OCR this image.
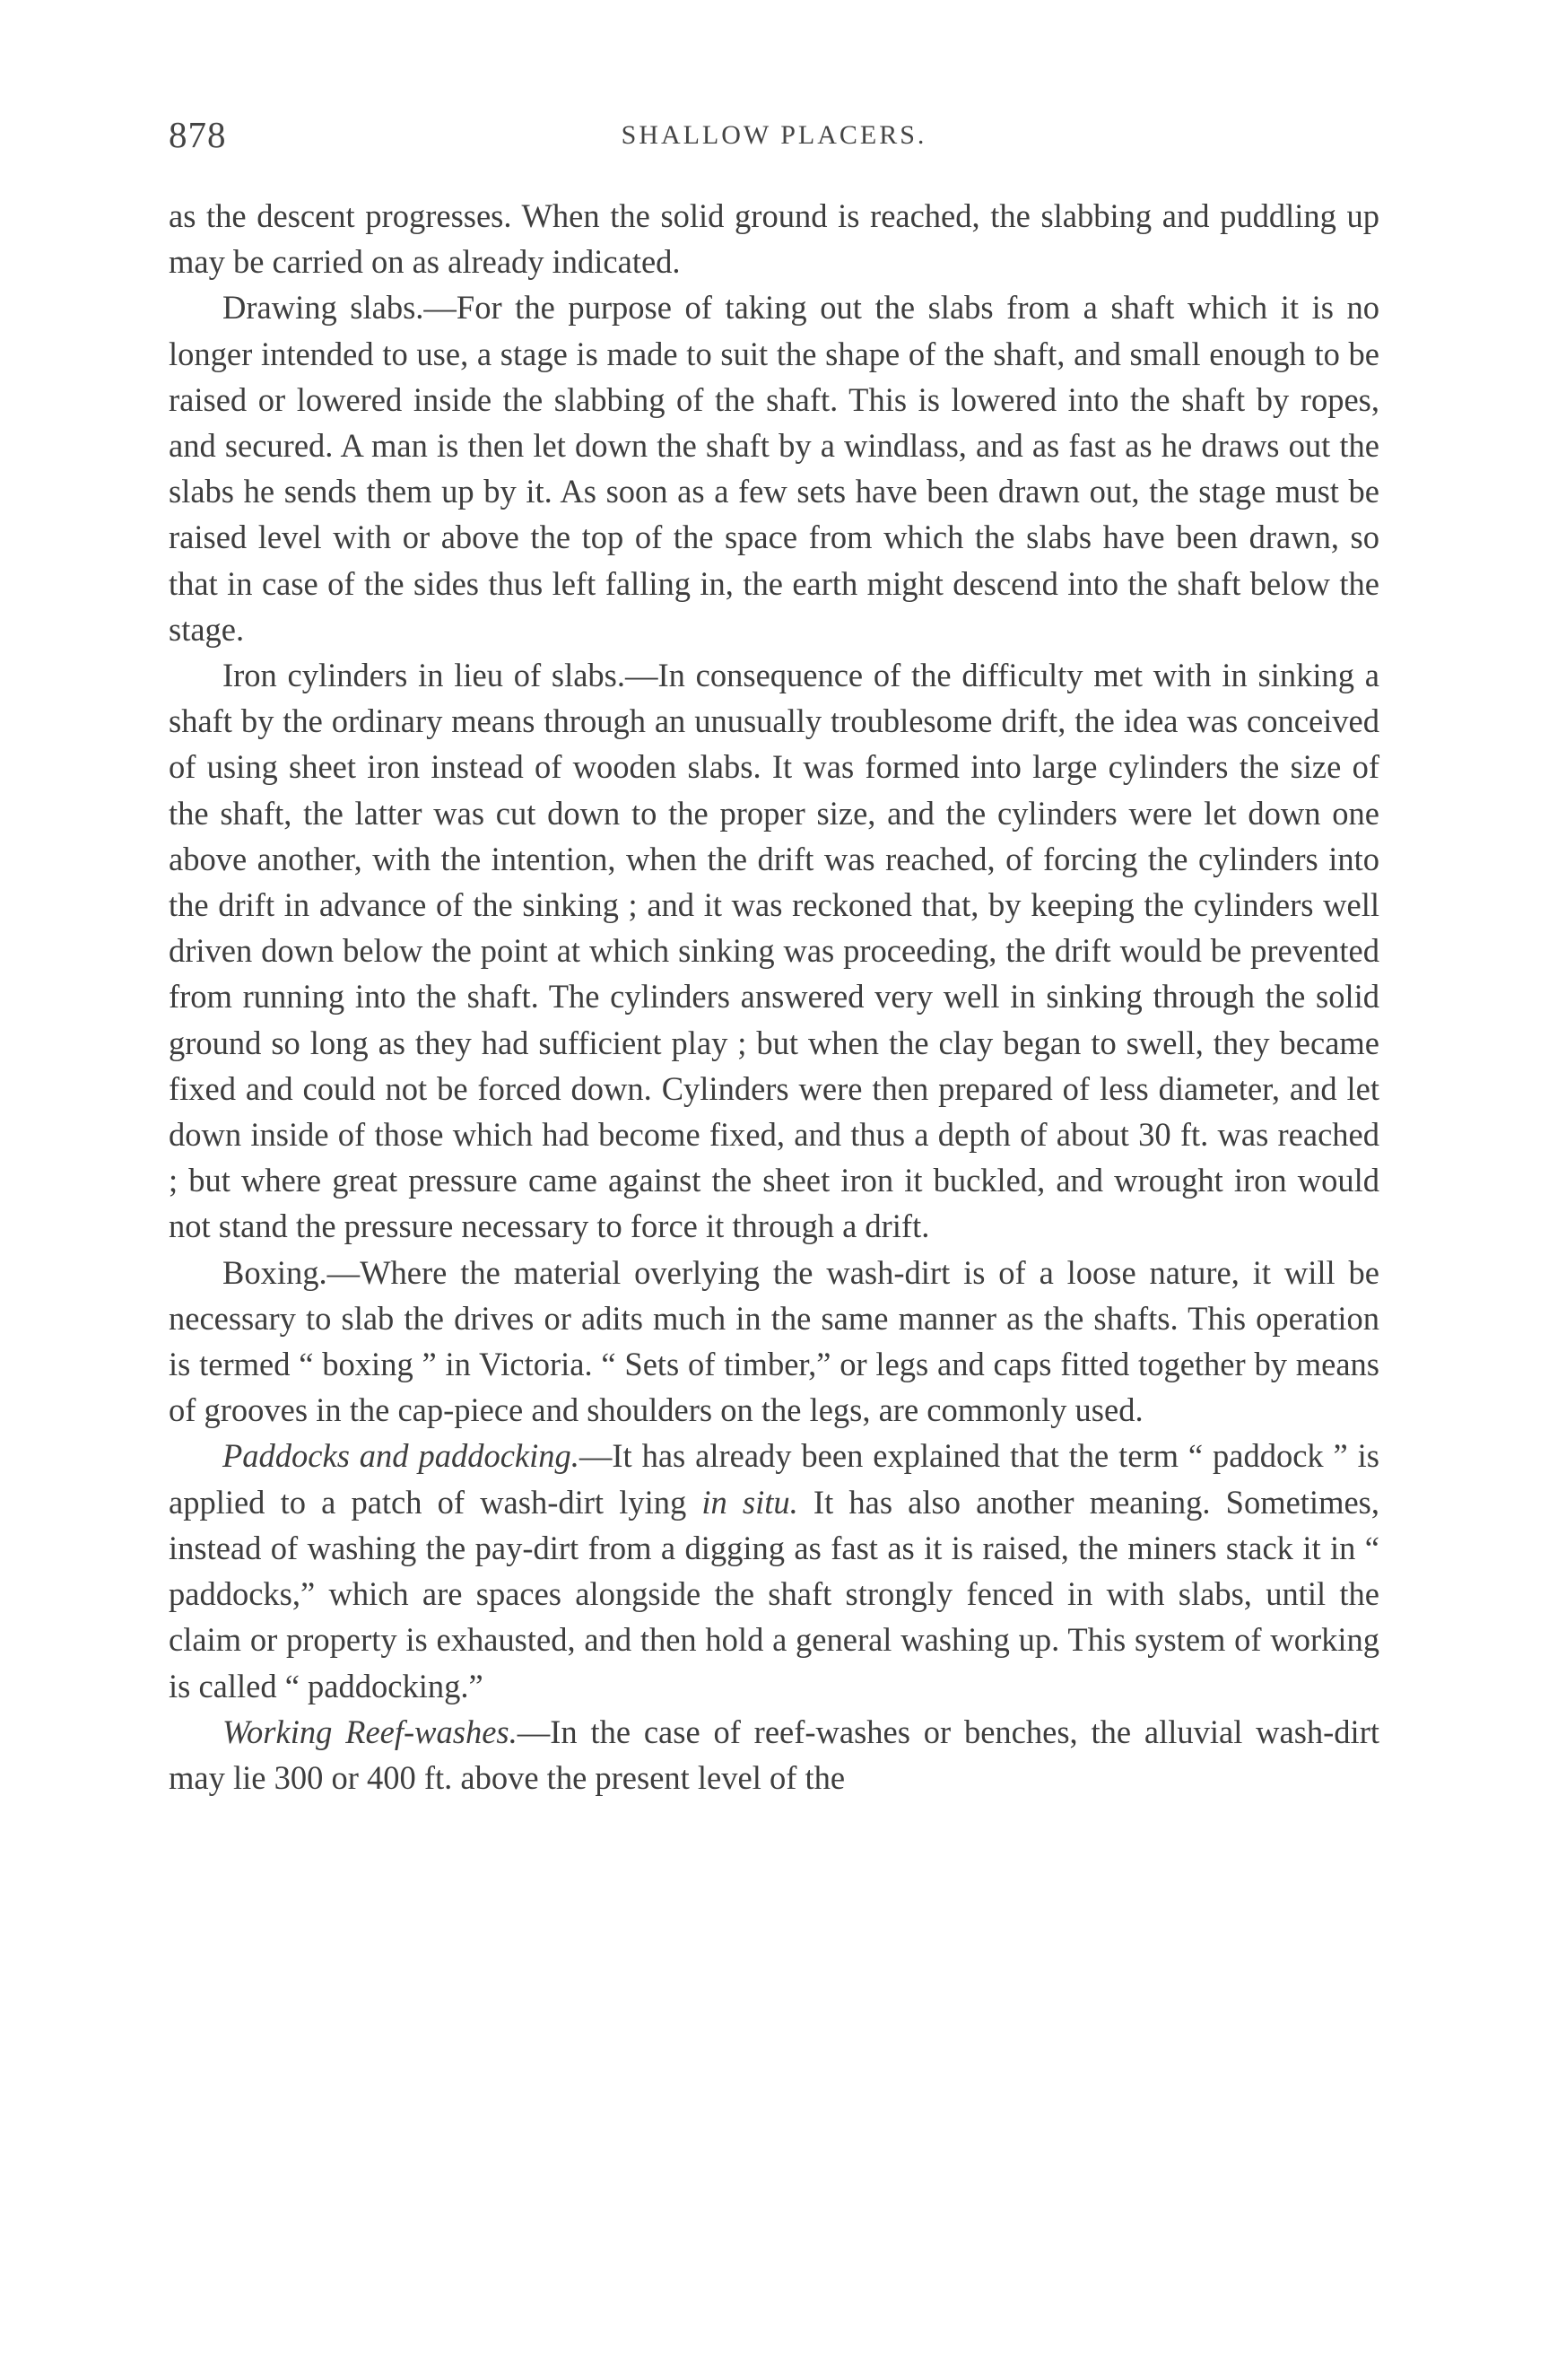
878	SHALLOW PLACERS.

as the descent progresses. When the solid ground is reached, the slabbing and puddling up may be carried on as already indicated.

Drawing slabs.—For the purpose of taking out the slabs from a shaft which it is no longer intended to use, a stage is made to suit the shape of the shaft, and small enough to be raised or lowered inside the slabbing of the shaft. This is lowered into the shaft by ropes, and secured. A man is then let down the shaft by a windlass, and as fast as he draws out the slabs he sends them up by it. As soon as a few sets have been drawn out, the stage must be raised level with or above the top of the space from which the slabs have been drawn, so that in case of the sides thus left falling in, the earth might descend into the shaft below the stage.

Iron cylinders in lieu of slabs.—In consequence of the difficulty met with in sinking a shaft by the ordinary means through an unusually troublesome drift, the idea was conceived of using sheet iron instead of wooden slabs. It was formed into large cylinders the size of the shaft, the latter was cut down to the proper size, and the cylinders were let down one above another, with the intention, when the drift was reached, of forcing the cylinders into the drift in advance of the sinking ; and it was reckoned that, by keeping the cylinders well driven down below the point at which sinking was proceeding, the drift would be prevented from running into the shaft. The cylinders answered very well in sinking through the solid ground so long as they had sufficient play ; but when the clay began to swell, they became fixed and could not be forced down. Cylinders were then prepared of less diameter, and let down inside of those which had become fixed, and thus a depth of about 30 ft. was reached ; but where great pressure came against the sheet iron it buckled, and wrought iron would not stand the pressure necessary to force it through a drift.

Boxing.—Where the material overlying the wash-dirt is of a loose nature, it will be necessary to slab the drives or adits much in the same manner as the shafts. This operation is termed “ boxing ” in Victoria. “ Sets of timber,” or legs and caps fitted together by means of grooves in the cap-piece and shoulders on the legs, are commonly used.

Paddocks and paddocking.—It has already been explained that the term “ paddock ” is applied to a patch of wash-dirt lying in situ. It has also another meaning. Sometimes, instead of washing the pay-dirt from a digging as fast as it is raised, the miners stack it in “ paddocks,” which are spaces alongside the shaft strongly fenced in with slabs, until the claim or property is exhausted, and then hold a general washing up. This system of working is called “ paddocking.”

Working Reef-washes.—In the case of reef-washes or benches, the alluvial wash-dirt may lie 300 or 400 ft. above the present level of the
